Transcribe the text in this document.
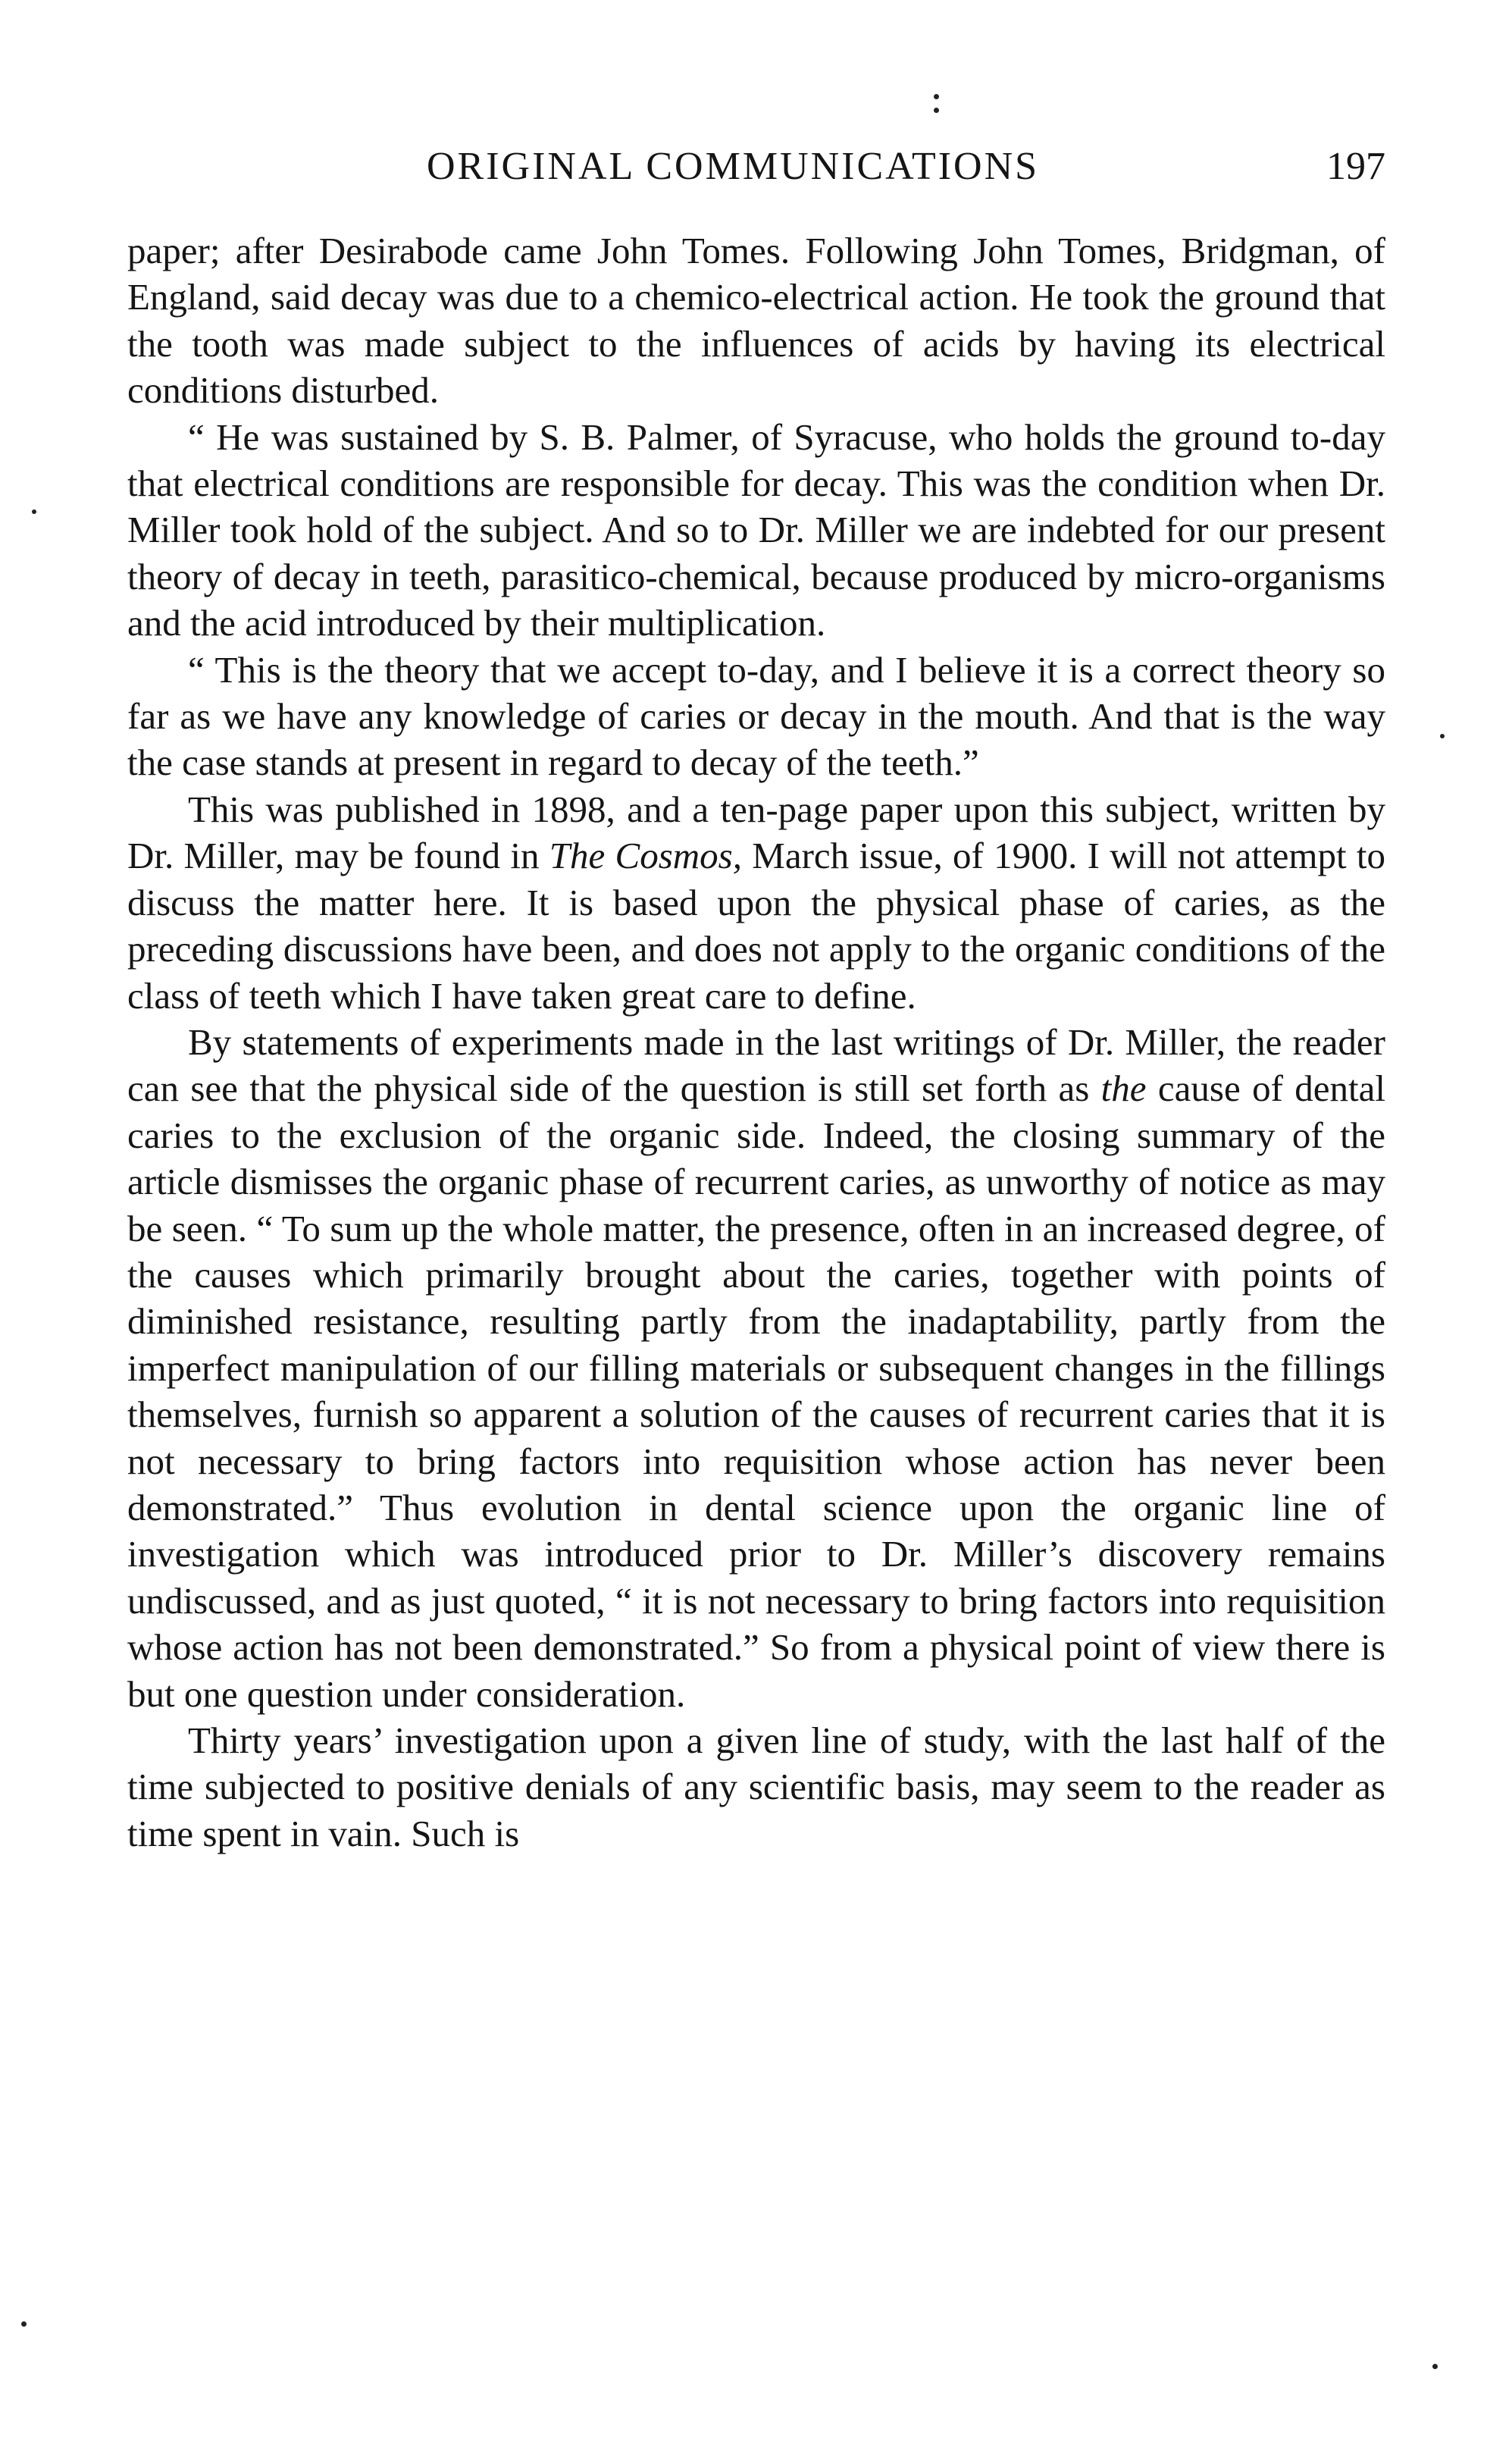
ORIGINAL COMMUNICATIONS	197

paper; after Desirabode came John Tomes. Following John Tomes, Bridgman, of England, said decay was due to a chemico-electrical action. He took the ground that the tooth was made subject to the influences of acids by having its electrical conditions disturbed.

“ He was sustained by S. B. Palmer, of Syracuse, who holds the ground to-day that electrical conditions are responsible for decay. This was the condition when Dr. Miller took hold of the subject. And so to Dr. Miller we are indebted for our present theory of decay in teeth, parasitico-chemical, because produced by micro-organisms and the acid introduced by their multiplication.

“ This is the theory that we accept to-day, and I believe it is a correct theory so far as we have any knowledge of caries or decay in the mouth. And that is the way the case stands at present in regard to decay of the teeth.”

This was published in 1898, and a ten-page paper upon this subject, written by Dr. Miller, may be found in The Cosmos, March issue, of 1900. I will not attempt to discuss the matter here. It is based upon the physical phase of caries, as the preceding discussions have been, and does not apply to the organic conditions of the class of teeth which I have taken great care to define.

By statements of experiments made in the last writings of Dr. Miller, the reader can see that the physical side of the question is still set forth as the cause of dental caries to the exclusion of the organic side. Indeed, the closing summary of the article dismisses the organic phase of recurrent caries, as unworthy of notice as may be seen. “ To sum up the whole matter, the presence, often in an increased degree, of the causes which primarily brought about the caries, together with points of diminished resistance, resulting partly from the inadaptability, partly from the imperfect manipulation of our filling materials or subsequent changes in the fillings themselves, furnish so apparent a solution of the causes of recurrent caries that it is not necessary to bring factors into requisition whose action has never been demonstrated.” Thus evolution in dental science upon the organic line of investigation which was introduced prior to Dr. Miller’s discovery remains undiscussed, and as just quoted, “ it is not necessary to bring factors into requisition whose action has not been demonstrated.” So from a physical point of view there is but one question under consideration.

Thirty years’ investigation upon a given line of study, with the last half of the time subjected to positive denials of any scientific basis, may seem to the reader as time spent in vain. Such is
